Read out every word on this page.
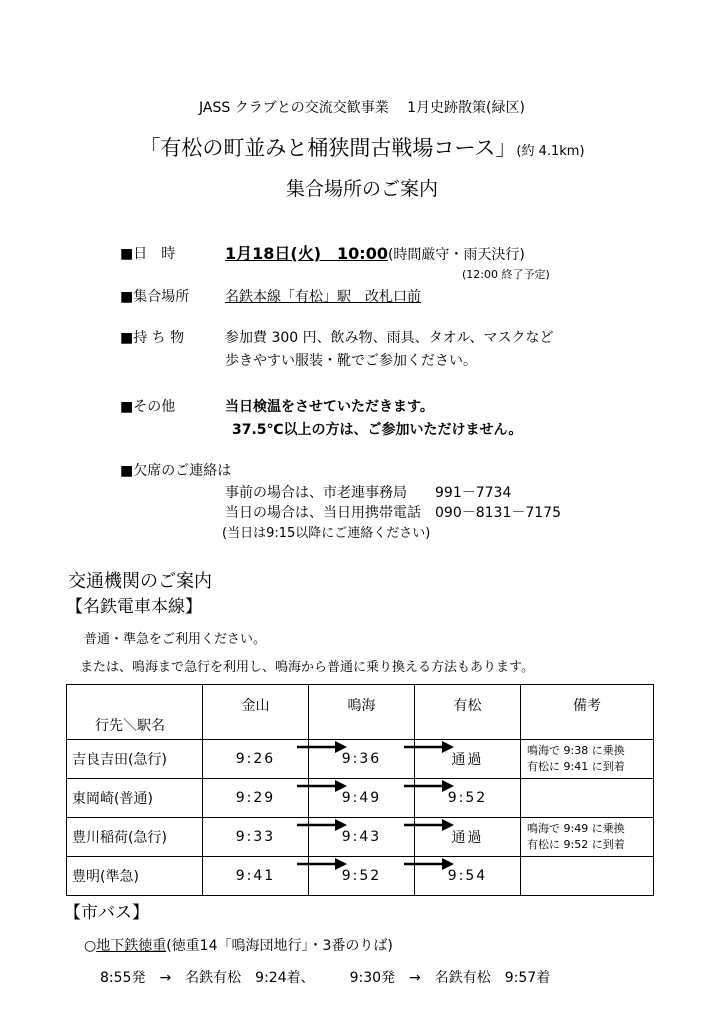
JASS クラブとの交流交歓事業　 1月史跡散策(緑区)
「有松の町並みと桶狭間古戦場コース」(約 4.1km)
集合場所のご案内
■日　時	1月18日(火)　10:00(時間厳守・雨天決行)
(12:00 終了予定)
■集合場所	名鉄本線「有松」駅　改札口前
■持 ち 物	参加費 300 円、飲み物、雨具、タオル、マスクなど
歩きやすい服装・靴でご参加ください。
■その他	当日検温をさせていただきます。
37.5℃以上の方は、ご参加いただけません。
■欠席のご連絡は
事前の場合は、市老連事務局　　991－7734
当日の場合は、当日用携帯電話　090－8131－7175
(当日は9:15以降にご連絡ください)
交通機関のご案内
【名鉄電車本線】
普通・準急をご利用ください。
または、鳴海まで急行を利用し、鳴海から普通に乗り換える方法もあります。
行先＼駅名	金山	鳴海	有松	備考
吉良吉田(急行)	9:26	9:36	通過	鳴海で 9:38 に乗換
有松に 9:41 に到着

東岡崎(普通)	9:29	9:49	9:52	

豊川稲荷(急行)	9:33	9:43	通過	鳴海で 9:49 に乗換
有松に 9:52 に到着

豊明(準急)	9:41	9:52	9:54	
【市バス】
○地下鉄徳重(徳重14「鳴海団地行」・3番のりば)
8:55発　→　名鉄有松　9:24着、　　　9:30発　→　名鉄有松　9:57着
